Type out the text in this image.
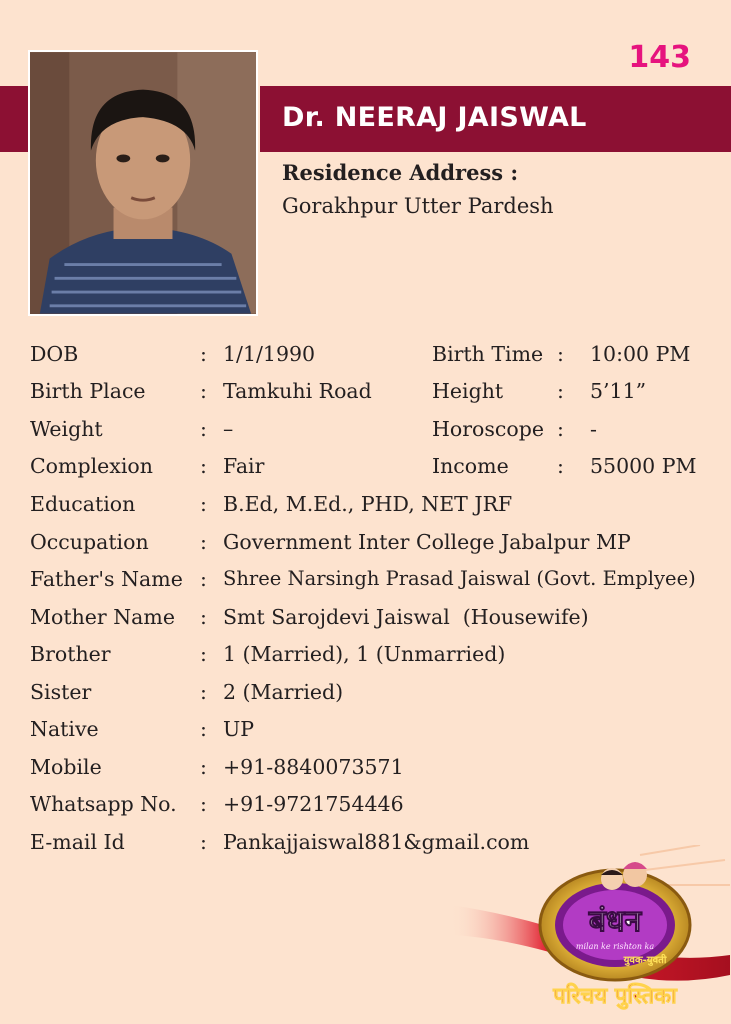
143
Dr. NEERAJ JAISWAL
Residence Address :
Gorakhpur Utter Pardesh
DOB	: 1/1/1990	Birth Time : 10:00 PM
Birth Place	: Tamkuhi Road	Height	: 5’11”
Weight	: –	Horoscope : -
Complexion : Fair	Income : 55000 PM
Education	: B.Ed, M.Ed., PHD, NET JRF
Occupation	: Government Inter College Jabalpur MP
Father's Name : Shree Narsingh Prasad Jaiswal (Govt. Emplyee)
Mother Name : Smt Sarojdevi Jaiswal  (Housewife)
Brother	: 1 (Married), 1 (Unmarried)
Sister	: 2 (Married)
Native	: UP
Mobile	: +91-8840073571
Whatsapp No. : +91-9721754446
E-mail Id	: Pankajjaiswal881&gmail.com
बंधन
milan ke rishton ka
युवक-युवती
परिचय पुस्तिका
